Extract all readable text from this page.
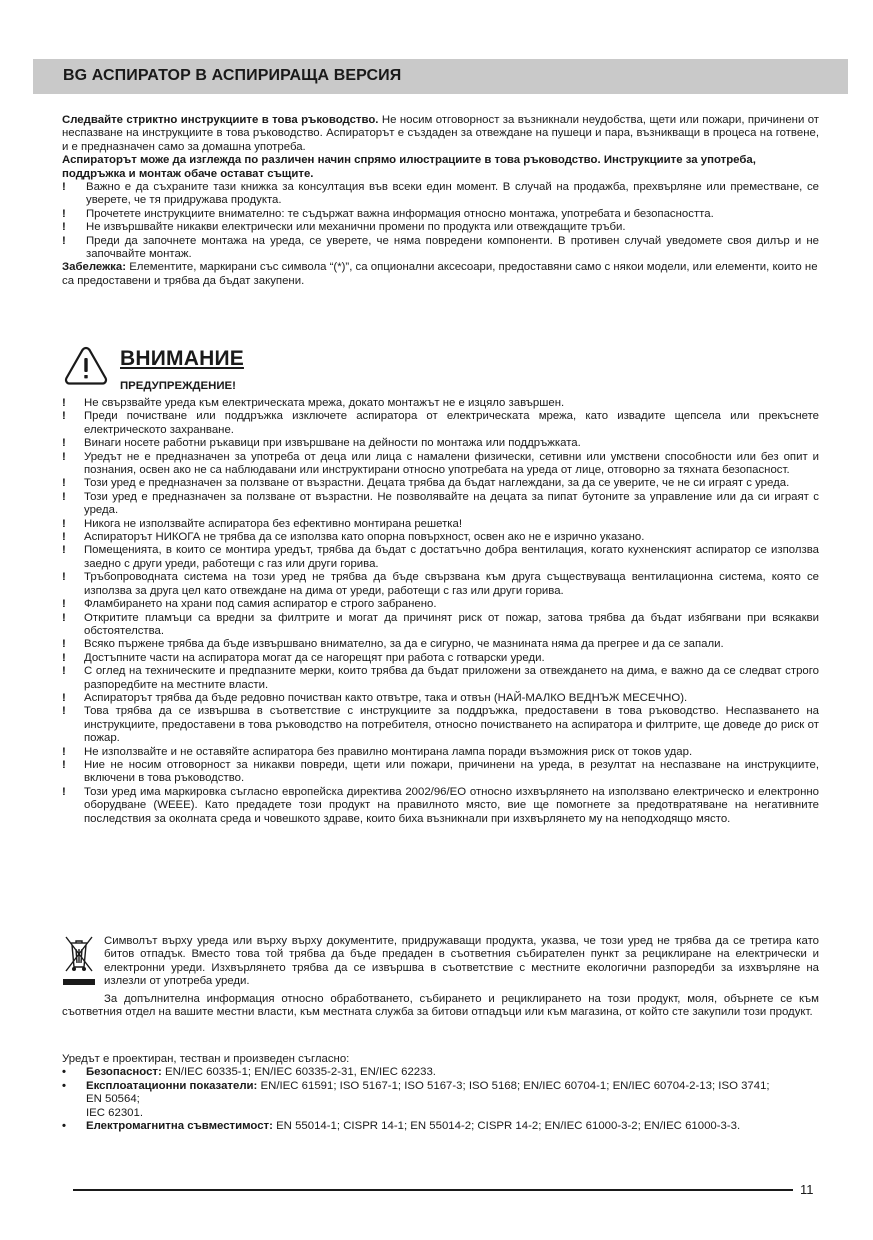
BG АСПИРАТОР В АСПИРИРАЩА ВЕРСИЯ
Следвайте стриктно инструкциите в това ръководство. Не носим отговорност за възникнали неудобства, щети или пожари, причинени от неспазване на инструкциите в това ръководство. Аспираторът е създаден за отвеждане на пушеци и пара, възникващи в процеса на готвене, и е предназначен само за домашна употреба.
Аспираторът може да изглежда по различен начин спрямо илюстрациите в това ръководство. Инструкциите за употреба, поддръжка и монтаж обаче остават същите.
!	Важно е да съхраните тази книжка за консултация във всеки един момент. В случай на продажба, прехвърляне или преместване, се уверете, че тя придружава продукта.
!	Прочетете инструкциите внимателно: те съдържат важна информация относно монтажа, употребата и безопасността.
!	Не извършвайте никакви електрически или механични промени по продукта или отвеждащите тръби.
!	Преди да започнете монтажа на уреда, се уверете, че няма повредени компоненти. В противен случай уведомете своя дилър и не започвайте монтаж.
Забележка: Елементите, маркирани със символа “(*)”, са опционални аксесоари, предоставяни само с някои модели, или елементи, които не са предоставени и трябва да бъдат закупени.
ВНИМАНИЕ
ПРЕДУПРЕЖДЕНИЕ!
!	Не свързвайте уреда към електрическата мрежа, докато монтажът не е изцяло завършен.
!	Преди почистване или поддръжка изключете аспиратора от електрическата мрежа, като извадите щепсела или прекъснете електрическото захранване.
!	Винаги носете работни ръкавици при извършване на дейности по монтажа или поддръжката.
!	Уредът не е предназначен за употреба от деца или лица с намалени физически, сетивни или умствени способности или без опит и познания, освен ако не са наблюдавани или инструктирани относно употребата на уреда от лице, отговорно за тяхната безопасност.
!	Този уред е предназначен за ползване от възрастни. Децата трябва да бъдат наглеждани, за да се уверите, че не си играят с уреда.
!	Този уред е предназначен за ползване от възрастни. Не позволявайте на децата за пипат бутоните за управление или да си играят с уреда.
!	Никога не използвайте аспиратора без ефективно монтирана решетка!
!	Аспираторът НИКОГА не трябва да се използва като опорна повърхност, освен ако не е изрично указано.
!	Помещенията, в които се монтира уредът, трябва да бъдат с достатъчно добра вентилация, когато кухненският аспиратор се използва заедно с други уреди, работещи с газ или други горива.
!	Тръбопроводната система на този уред не трябва да бъде свързвана към друга съществуваща вентилационна система, която се използва за друга цел като отвеждане на дима от уреди, работещи с газ или други горива.
!	Фламбирането на храни под самия аспиратор е строго забранено.
!	Откритите пламъци са вредни за филтрите и могат да причинят риск от пожар, затова трябва да бъдат избягвани при всякакви обстоятелства.
!	Всяко пържене трябва да бъде извършвано внимателно, за да е сигурно, че мазнината няма да прегрее и да се запали.
!	Достъпните части на аспиратора могат да се нагорещят при работа с готварски уреди.
!	С оглед на техническите и предпазните мерки, които трябва да бъдат приложени за отвеждането на дима, е важно да се следват строго разпоредбите на местните власти.
!	Аспираторът трябва да бъде редовно почистван както отвътре, така и отвън (НАЙ-МАЛКО ВЕДНЪЖ МЕСЕЧНО).
!	Това трябва да се извършва в съответствие с инструкциите за поддръжка, предоставени в това ръководство. Неспазването на инструкциите, предоставени в това ръководство на потребителя, относно почистването на аспиратора и филтрите, ще доведе до риск от пожар.
!	Не използвайте и не оставяйте аспиратора без правилно монтирана лампа поради възможния риск от токов удар.
!	Ние не носим отговорност за никакви повреди, щети или пожари, причинени на уреда, в резултат на неспазване на инструкциите, включени в това ръководство.
!	Този уред има маркировка съгласно европейска директива 2002/96/ЕО относно изхвърлянето на използвано електрическо и електронно оборудване (WEEE). Като предадете този продукт на правилното място, вие ще помогнете за предотвратяване на негативните последствия за околната среда и човешкото здраве, които биха възникнали при изхвърлянето му на неподходящо място.
Символът върху уреда или върху върху документите, придружаващи продукта, указва, че този уред не трябва да се третира като битов отпадък. Вместо това той трябва да бъде предаден в съответния събирателен пункт за рециклиране на електрически и електронни уреди. Изхвърлянето трябва да се извършва в съответствие с местните екологични разпоредби за изхвърляне на излезли от употреба уреди.
За допълнителна информация относно обработването, събирането и рециклирането на този продукт, моля, обърнете се към съответния отдел на вашите местни власти, към местната служба за битови отпадъци или към магазина, от който сте закупили този продукт.
Уредът е проектиран, тестван и произведен съгласно:
• Безопасност: EN/IEC 60335-1; EN/IEC 60335-2-31, EN/IEC 62233.
• Експлоатационни показатели: EN/IEC 61591; ISO 5167-1; ISO 5167-3; ISO 5168; EN/IEC 60704-1; EN/IEC 60704-2-13; ISO 3741;
EN 50564;
IEC 62301.
• Електромагнитна съвместимост: EN 55014-1; CISPR 14-1; EN 55014-2; CISPR 14-2; EN/IEC 61000-3-2; EN/IEC 61000-3-3.
11
